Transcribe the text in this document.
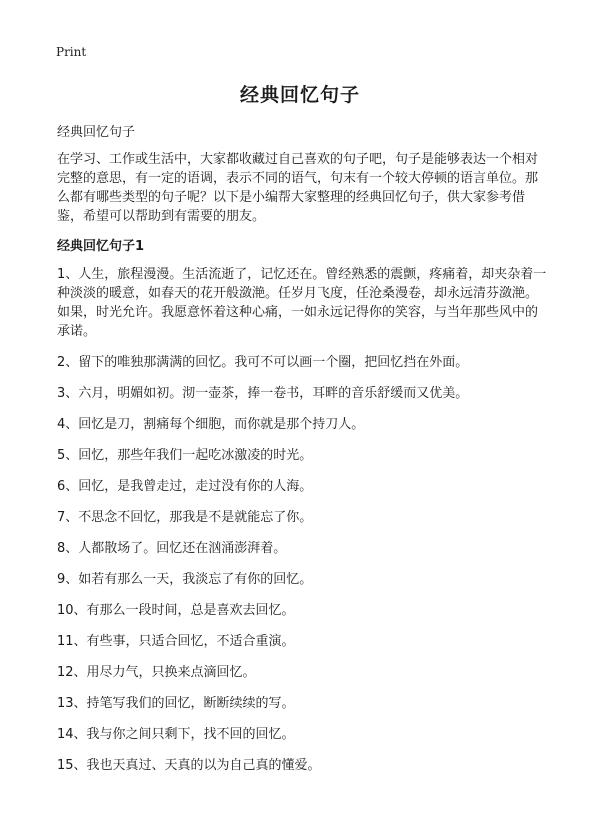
Print
经典回忆句子
经典回忆句子

在学习、工作或生活中，大家都收藏过自己喜欢的句子吧，句子是能够表达一个相对完整的意思，有一定的语调，表示不同的语气，句末有一个较大停顿的语言单位。那么都有哪些类型的句子呢？以下是小编帮大家整理的经典回忆句子，供大家参考借鉴，希望可以帮助到有需要的朋友。

经典回忆句子1
1、人生，旅程漫漫。生活流逝了，记忆还在。曾经熟悉的震颤，疼痛着，却夹杂着一种淡淡的暖意，如春天的花开般潋滟。任岁月飞度，任沧桑漫卷，却永远清芬潋滟。如果，时光允许。我愿意怀着这种心痛，一如永远记得你的笑容，与当年那些风中的承诺。
2、留下的唯独那满满的回忆。我可不可以画一个圈，把回忆挡在外面。
3、六月，明媚如初。沏一壶茶，捧一卷书，耳畔的音乐舒缓而又优美。
4、回忆是刀，割痛每个细胞，而你就是那个持刀人。
5、回忆，那些年我们一起吃冰激凌的时光。
6、回忆，是我曾走过，走过没有你的人海。
7、不思念不回忆，那我是不是就能忘了你。
8、人都散场了。回忆还在汹涌澎湃着。
9、如若有那么一天，我淡忘了有你的回忆。
10、有那么一段时间，总是喜欢去回忆。
11、有些事，只适合回忆，不适合重演。
12、用尽力气，只换来点滴回忆。
13、持笔写我们的回忆，断断续续的写。
14、我与你之间只剩下，找不回的回忆。
15、我也天真过、天真的以为自己真的懂爱。
